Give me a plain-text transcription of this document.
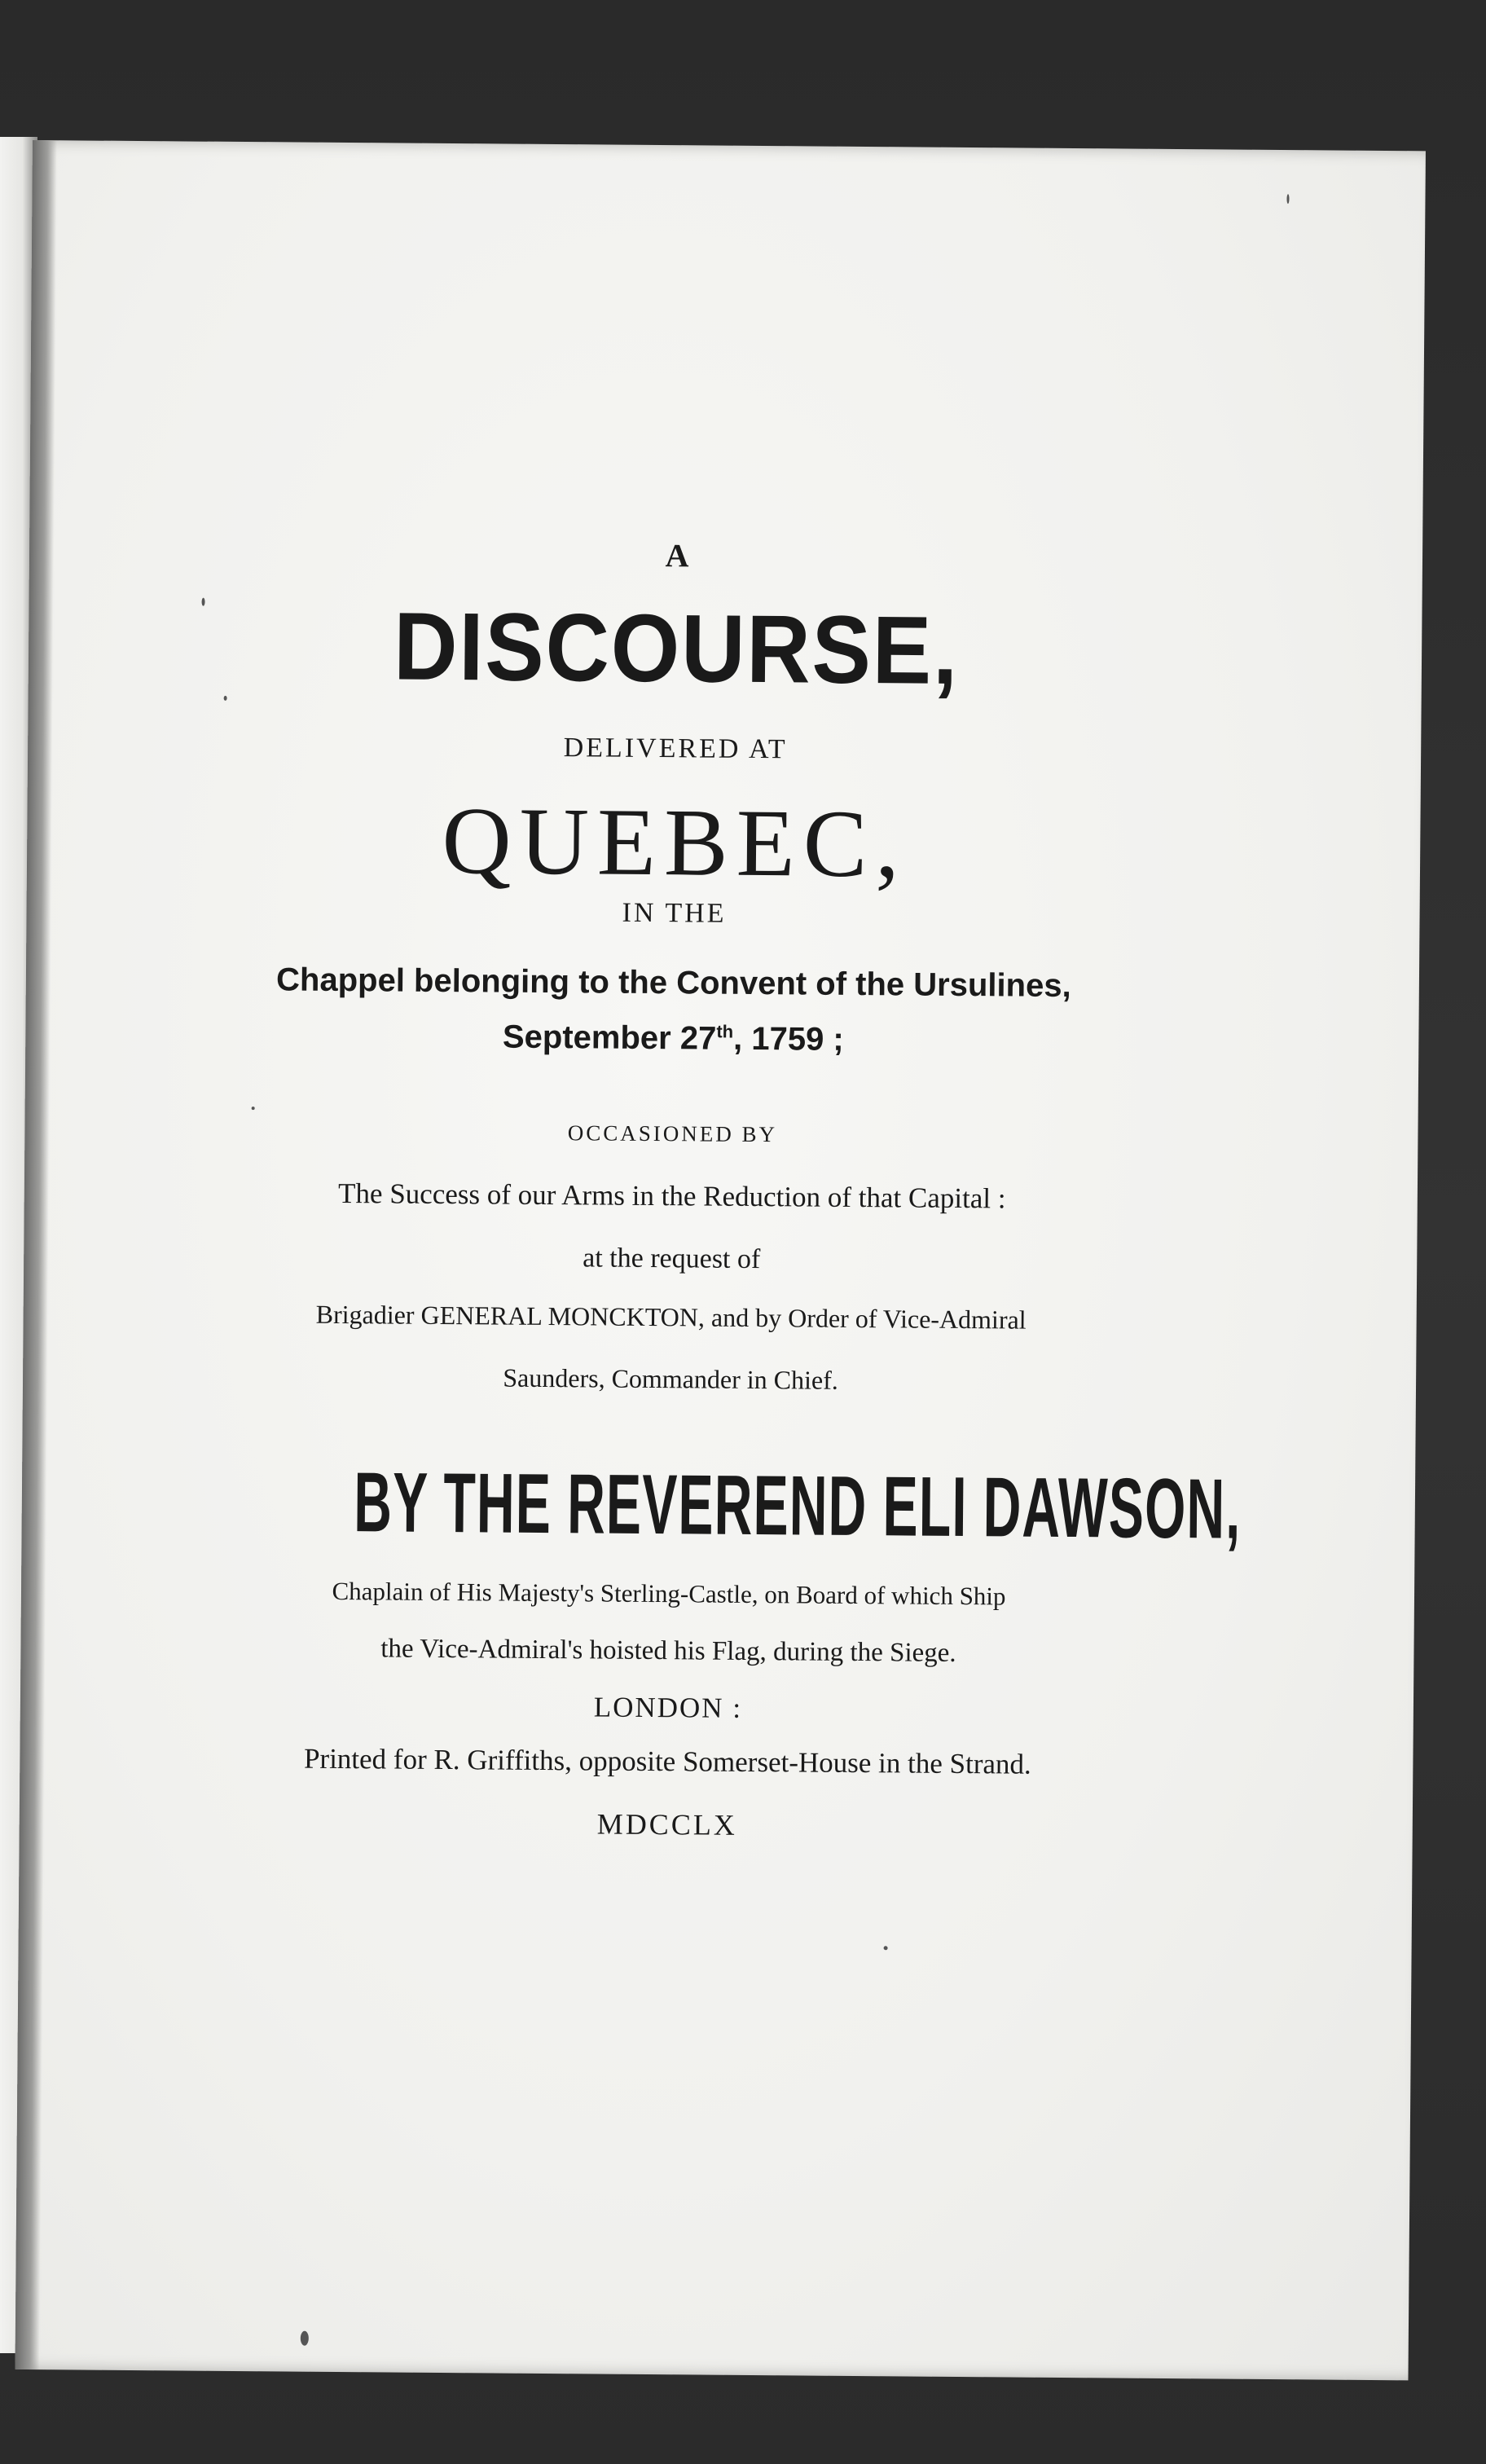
A
DISCOURSE,
DELIVERED AT
QUEBEC,
IN THE
Chappel belonging to the Convent of the Ursulines,
September 27th, 1759 ;
OCCASIONED BY
The Success of our Arms in the Reduction of that Capital :
at the request of
Brigadier GENERAL MONCKTON, and by Order of Vice-Admiral
Saunders, Commander in Chief.
BY THE REVEREND ELI DAWSON,
Chaplain of His Majesty's Sterling-Castle, on Board of which Ship
the Vice-Admiral's hoisted his Flag, during the Siege.
LONDON :
Printed for R. Griffiths, opposite Somerset-House in the Strand.
MDCCLX
